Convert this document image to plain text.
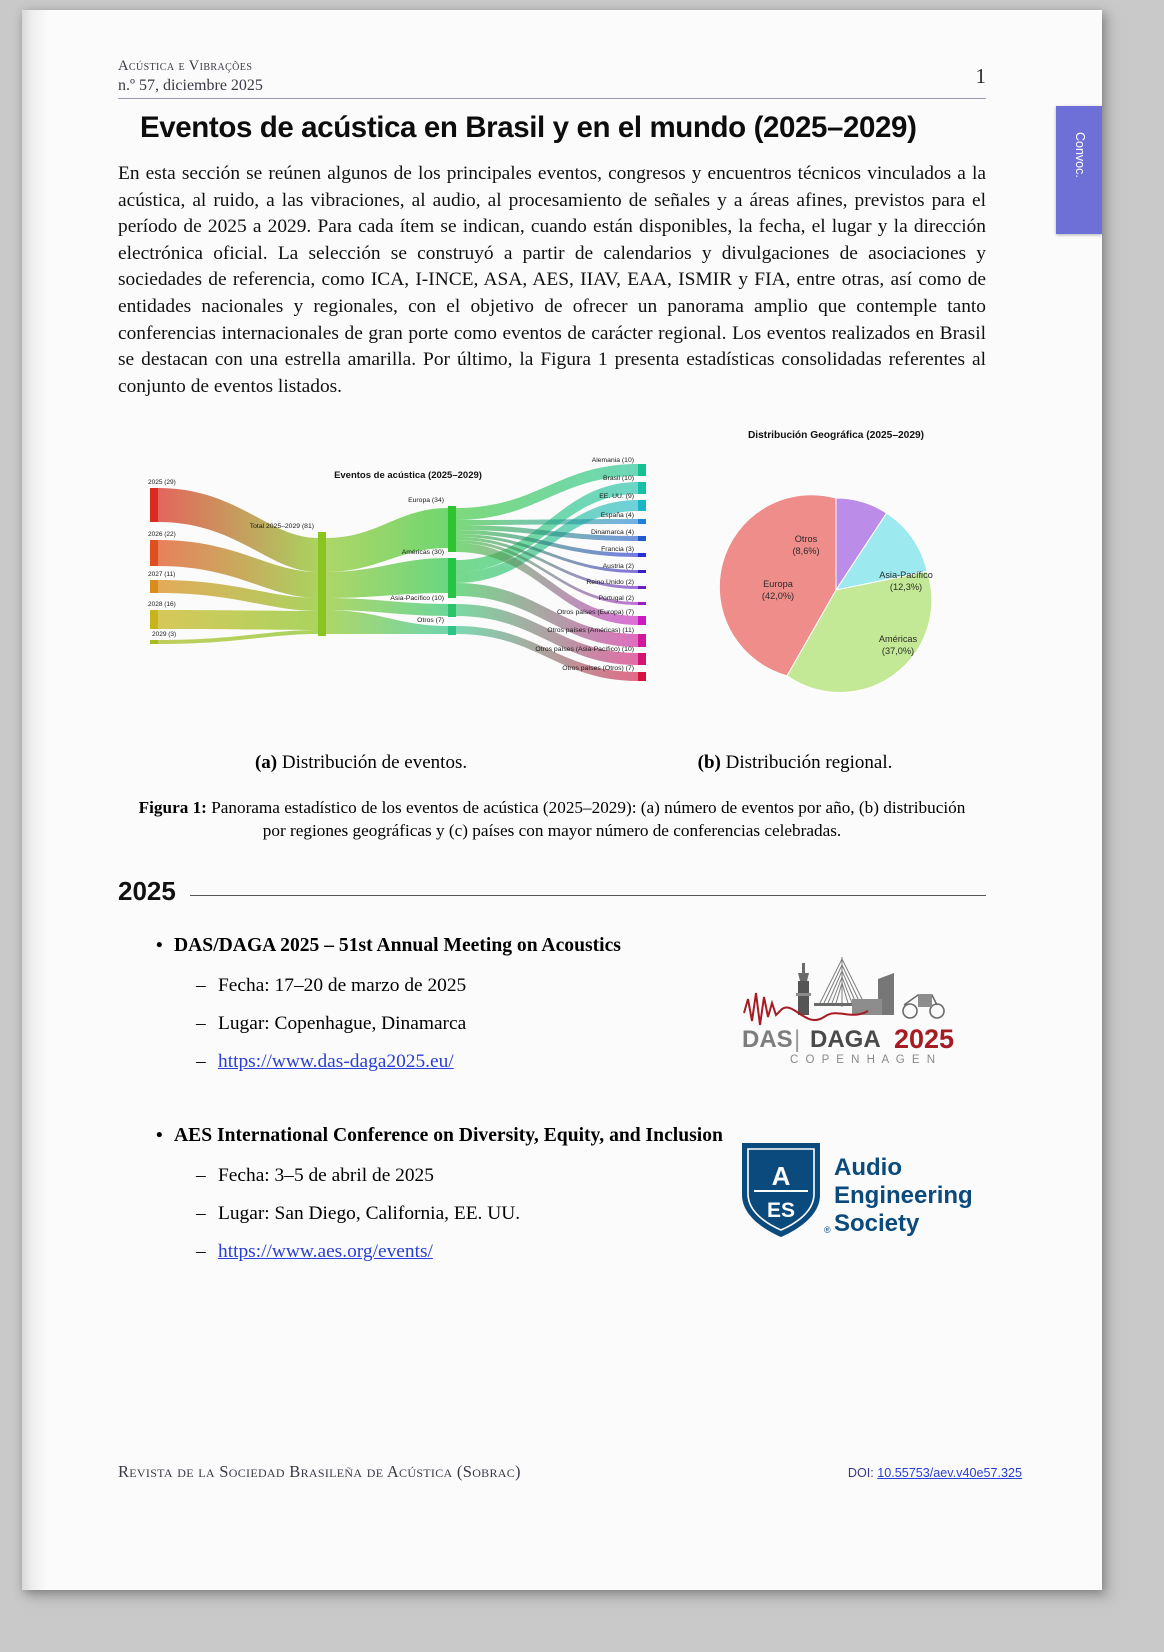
Convoc.
Acústica e Vibrações
n.º 57, diciembre 2025	1
Eventos de acústica en Brasil y en el mundo (2025–2029)

En esta sección se reúnen algunos de los principales eventos, congresos y encuentros técnicos vinculados a la acústica, al ruido, a las vibraciones, al audio, al procesamiento de señales y a áreas afines, previstos para el período de 2025 a 2029. Para cada ítem se indican, cuando están disponibles, la fecha, el lugar y la dirección electrónica oficial. La selección se construyó a partir de calendarios y divulgaciones de asociaciones y sociedades de referencia, como ICA, I-INCE, ASA, AES, IIAV, EAA, ISMIR y FIA, entre otras, así como de entidades nacionales y regionales, con el objetivo de ofrecer un panorama amplio que contemple tanto conferencias internacionales de gran porte como eventos de carácter regional. Los eventos realizados en Brasil se destacan con una estrella amarilla. Por último, la Figura 1 presenta estadísticas consolidadas referentes al conjunto de eventos listados.

Eventos de acústica (2025–2029)
2025 (29)
2026 (22)
2027 (11)
2028 (16)
2029 (3)
Total 2025–2029 (81)
Europa (34)
Américas (30)
Asia-Pacífico (10)
Otros (7)
Alemania (10)
Brasil (10)
EE. UU. (9)
España (4)
Dinamarca (4)
Francia (3)
Austria (2)
Reino Unido (2)
Portugal (2)
Otros países (Europa) (7)
Otros países (Américas) (11)
Otros países (Asia-Pacífico) (10)
Otros países (Otros) (7)
Distribución Geográfica (2025–2029)
Otros
(8,6%)
Asia-Pacífico
(12,3%)
Américas
(37,0%)
Europa
(42,0%)
(a) Distribución de eventos.	(b) Distribución regional.
Figura 1: Panorama estadístico de los eventos de acústica (2025–2029): (a) número de eventos por año, (b) distribución por regiones geográficas y (c) países con mayor número de conferencias celebradas.
2025
• DAS/DAGA 2025 – 51st Annual Meeting on Acoustics
– Fecha:
17–20 de marzo de 2025
– Lugar:
Copenhague, Dinamarca
– https://www.das-daga2025.eu/
DAS | DAGA 2025
C O P E N H A G E N
• AES International Conference on Diversity, Equity, and Inclusion
– Fecha:
3–5 de abril de 2025
– Lugar:
San Diego, California, EE. UU.
– https://www.aes.org/events/
A
ES
®
Audio
Engineering
Society
Revista de la Sociedad Brasileña de Acústica (Sobrac)	DOI: 10.55753/aev.v40e57.325
